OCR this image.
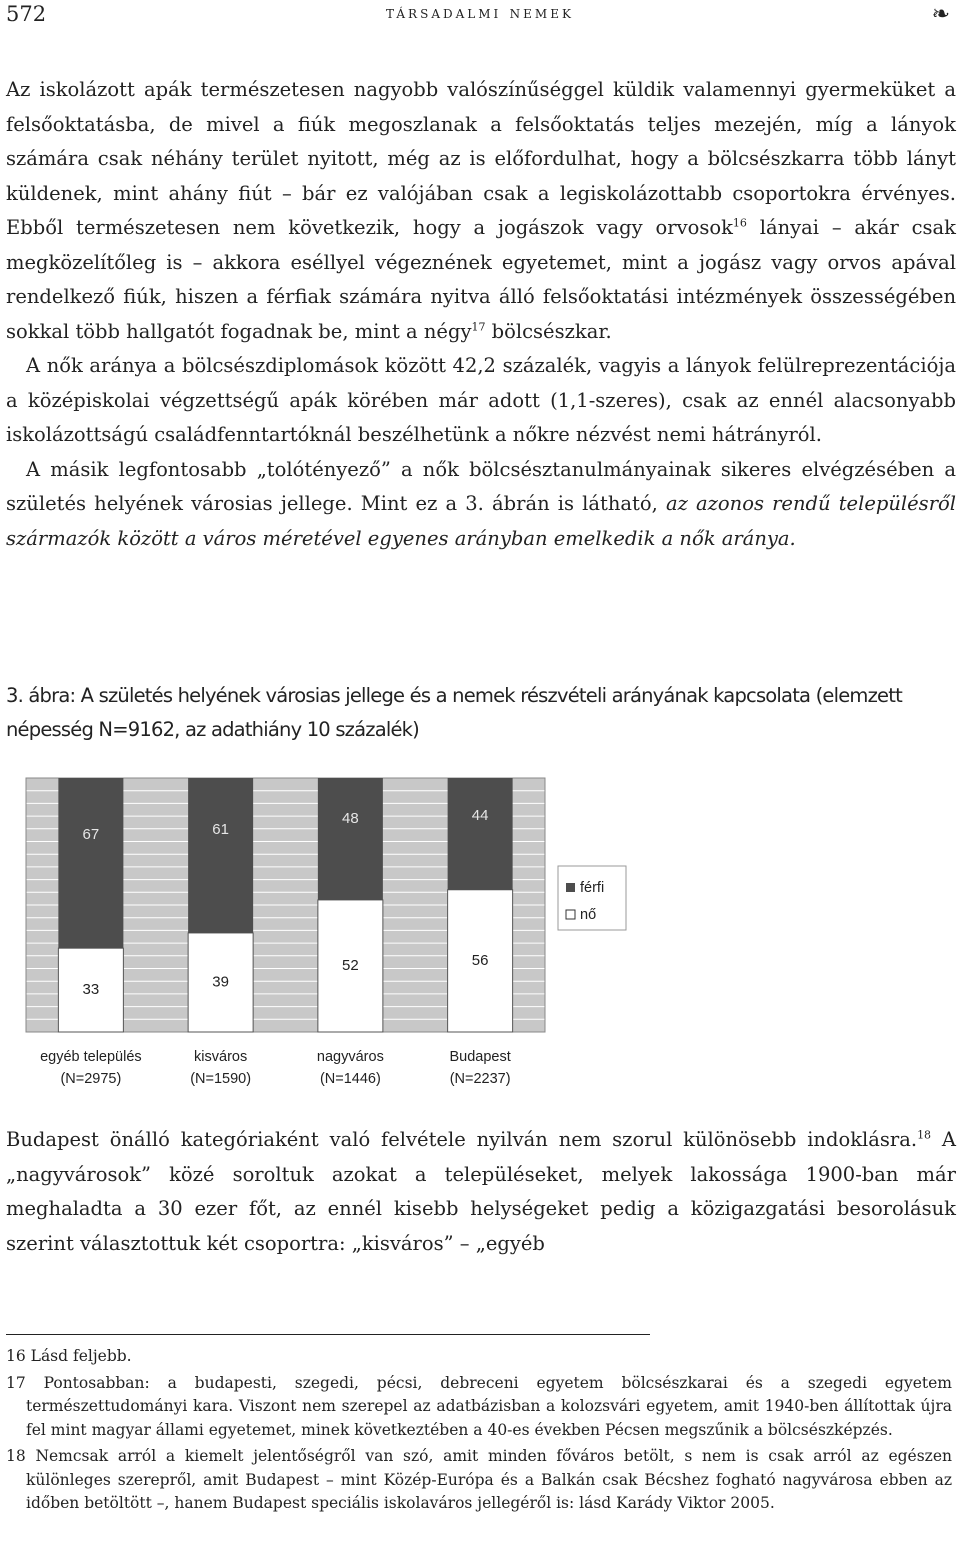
572	társadalmi nemek	❧

Az iskolázott apák természetesen nagyobb valószínűséggel küldik valamennyi gyermeküket a felsőoktatásba, de mivel a fiúk megoszlanak a felsőoktatás teljes mezején, míg a lányok számára csak néhány terület nyitott, még az is előfordulhat, hogy a bölcsészkarra több lányt küldenek, mint ahány fiút – bár ez valójában csak a legiskolázottabb csoportokra érvényes. Ebből természetesen nem következik, hogy a jogászok vagy orvosok$^{16}$ lányai – akár csak megközelítőleg is – akkora eséllyel végeznének egyetemet, mint a jogász vagy orvos apával rendelkező fiúk, hiszen a férfiak számára nyitva álló felsőoktatási intézmények összességében sokkal több hallgatót fogadnak be, mint a négy$^{17}$ bölcsészkar.

A nők aránya a bölcsészdiplomások között 42,2 százalék, vagyis a lányok felülreprezentációja a középiskolai végzettségű apák körében már adott (1,1-szeres), csak az ennél alacsonyabb iskolázottságú családfenntartóknál beszélhetünk a nőkre nézvést nemi hátrányról.

A másik legfontosabb „tolótényező” a nők bölcsésztanulmányainak sikeres elvégzésében a születés helyének városias jellege. Mint ez a 3. ábrán is látható, az azonos rendű településről származók között a város méretével egyenes arányban emelkedik a nők aránya.

3. ábra: A születés helyének városias jellege és a nemek részvételi arányának kapcsolata (elemzett népesség N=9162, az adathiány 10 százalék)
67
33
egyéb település
(N=2975)
61
39
kisváros
(N=1590)
48
52
nagyváros
(N=1446)
44
56
Budapest
(N=2237)
férfi
nő

Budapest önálló kategóriaként való felvétele nyilván nem szorul különösebb indoklásra.$^{18}$ A „nagyvárosok” közé soroltuk azokat a településeket, melyek lakossága 1900-ban már meghaladta a 30 ezer főt, az ennél kisebb helységeket pedig a közigazgatási besorolásuk szerint választottuk két csoportra: „kisváros” – „egyéb

16 Lásd feljebb.

17 Pontosabban: a budapesti, szegedi, pécsi, debreceni egyetem bölcsészkarai és a szegedi egyetem természettudományi kara. Viszont nem szerepel az adatbázisban a kolozsvári egyetem, amit 1940-ben állítottak újra fel mint magyar állami egyetemet, minek következtében a 40-es években Pécsen megszűnik a bölcsészképzés.

18 Nemcsak arról a kiemelt jelentőségről van szó, amit minden főváros betölt, s nem is csak arról az egészen különleges szerepről, amit Budapest – mint Közép-Európa és a Balkán csak Bécshez fogható nagyvárosa ebben az időben betöltött –, hanem Budapest speciális iskolaváros jellegéről is: lásd Karády Viktor 2005.
